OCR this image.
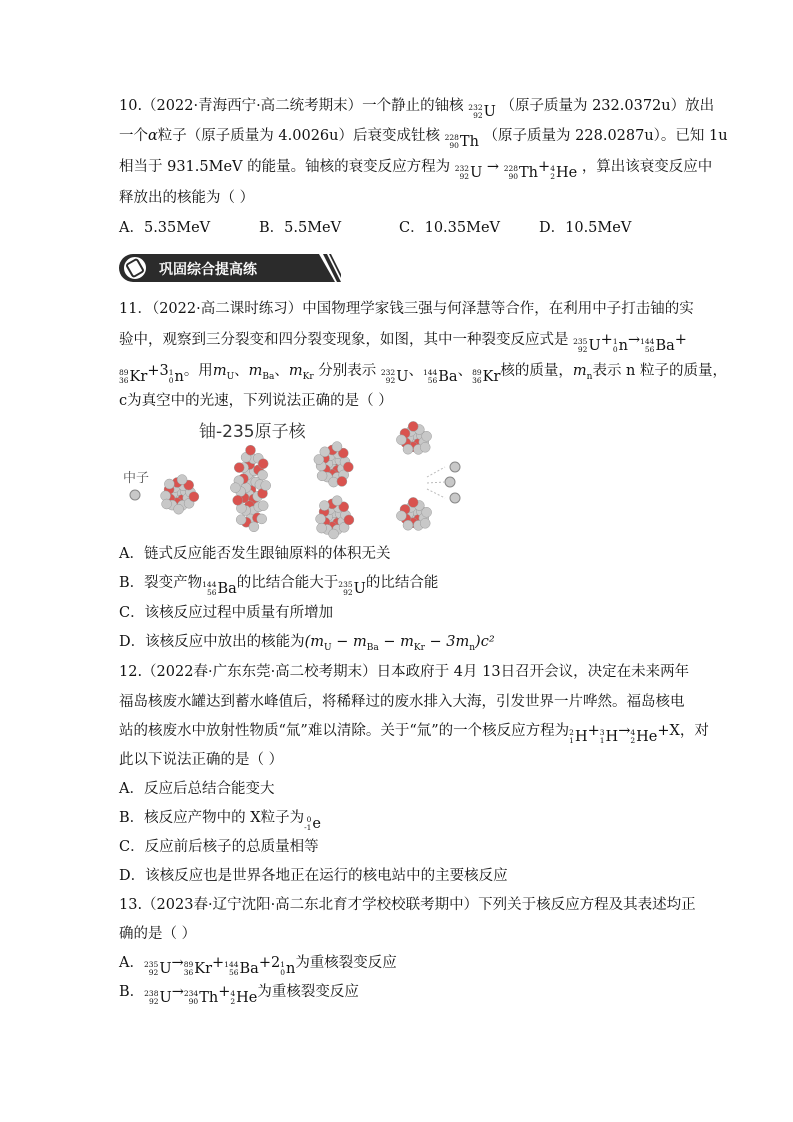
10.（2022·青海西宁·高二统考期末）一个静止的铀核 232
92 U （原子质量为 232.0372u）放出
一个α粒子（原子质量为 4.0026u）后衰变成钍核 228
90 Th （原子质量为 228.0287u）。已知 1u
相当于 931.5MeV 的能量。铀核的衰变反应方程为 232
92 U → 228
90 Th + 4
2 He ，算出该衰变反应中
释放出的核能为（ ）
A．5.35MeV	B．5.5MeV	C．10.35MeV	D．10.5MeV
巩固综合提高练
11．（2022·高二课时练习）中国物理学家钱三强与何泽慧等合作，在利用中子打击铀的实
验中，观察到三分裂变和四分裂变现象，如图，其中一种裂变反应式是 235
92 U + 1
0 n → 144
56 Ba +
89
36 Kr +3 1
0 n 。用$m_U$、$m_{Ba}$、$m_{Kr}$ 分别表示 232
92 U 、 144
56 Ba 、 89
36 Kr 核的质量，$m_n$表示 n 粒子的质量，
c为真空中的光速，下列说法正确的是（ ）
铀-235原子核
中子
A．链式反应能否发生跟铀原料的体积无关
B．裂变产物 144
56 Ba 的比结合能大于 235
92 U 的比结合能
C．该核反应过程中质量有所增加
D．该核反应中放出的核能为$(m_U - m_{Ba} - m_{Kr} - 3m_n)c^2$
12.（2022春·广东东莞·高二校考期末）日本政府于 4月 13日召开会议，决定在未来两年
福岛核废水罐达到蓄水峰值后，将稀释过的废水排入大海，引发世界一片哗然。福岛核电
站的核废水中放射性物质“氚”难以清除。关于“氚”的一个核反应方程为 2
1 H + 3
1 H → 4
2 He +X，对
此以下说法正确的是（ ）
A．反应后总结合能变大
B．核反应产物中的 X粒子为 0
-1 e
C．反应前后核子的总质量相等
D．该核反应也是世界各地正在运行的核电站中的主要核反应
13.（2023春·辽宁沈阳·高二东北育才学校校联考期中）下列关于核反应方程及其表述均正
确的是（ ）
A． 235
92 U → 89
36 Kr + 144
56 Ba +2 1
0 n 为重核裂变反应
B． 238
92 U → 234
90 Th + 4
2 He 为重核裂变反应
